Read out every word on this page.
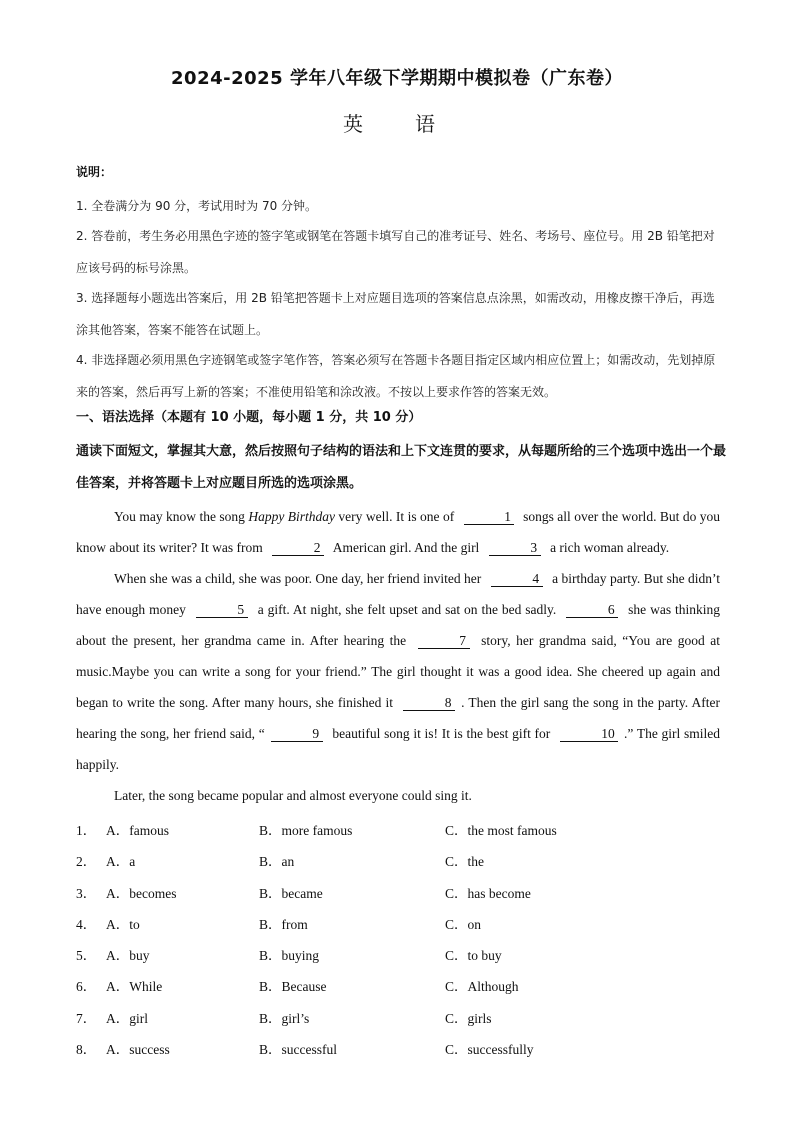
2024-2025 学年八年级下学期期中模拟卷（广东卷）
英　语
说明：
1. 全卷满分为 90 分，考试用时为 70 分钟。
2. 答卷前，考生务必用黑色字迹的签字笔或钢笔在答题卡填写自己的准考证号、姓名、考场号、座位号。用 2B 铅笔把对应该号码的标号涂黑。
3. 选择题每小题选出答案后，用 2B 铅笔把答题卡上对应题目选项的答案信息点涂黑，如需改动，用橡皮擦干净后，再选涂其他答案，答案不能答在试题上。
4. 非选择题必须用黑色字迹钢笔或签字笔作答，答案必须写在答题卡各题目指定区域内相应位置上；如需改动，先划掉原来的答案，然后再写上新的答案；不准使用铅笔和涂改液。不按以上要求作答的答案无效。
一、语法选择（本题有 10 小题，每小题 1 分，共 10 分）
通读下面短文，掌握其大意，然后按照句子结构的语法和上下文连贯的要求，从每题所给的三个选项中选出一个最佳答案，并将答题卡上对应题目所选的选项涂黑。

You may know the song Happy Birthday very well. It is one of	1 songs all over the world. But do you know about its writer? It was from	2 American girl. And the girl	3 a rich woman already.

When she was a child, she was poor. One day, her friend invited her	4 a birthday party. But she didn’t have enough money	5 a gift. At night, she felt upset and sat on the bed sadly.	6 she was thinking about the present, her grandma came in. After hearing the	7 story, her grandma said, “You are good at music.Maybe you can write a song for your friend.” The girl thought it was a good idea. She cheered up again and began to write the song. After many hours, she finished it	8 . Then the girl sang the song in the party. After hearing the song, her friend said, “	9 beautiful song it is! It is the best gift for	10 .” The girl smiled happily.

Later, the song became popular and almost everyone could sing it.

1． A．famous	B．more famous	C．the most famous
2． A．a	B．an	C．the
3． A．becomes	B．became	C．has become
4． A．to	B．from	C．on
5． A．buy	B．buying	C．to buy
6． A．While	B．Because	C．Although
7． A．girl	B．girl’s	C．girls
8． A．success	B．successful	C．successfully
